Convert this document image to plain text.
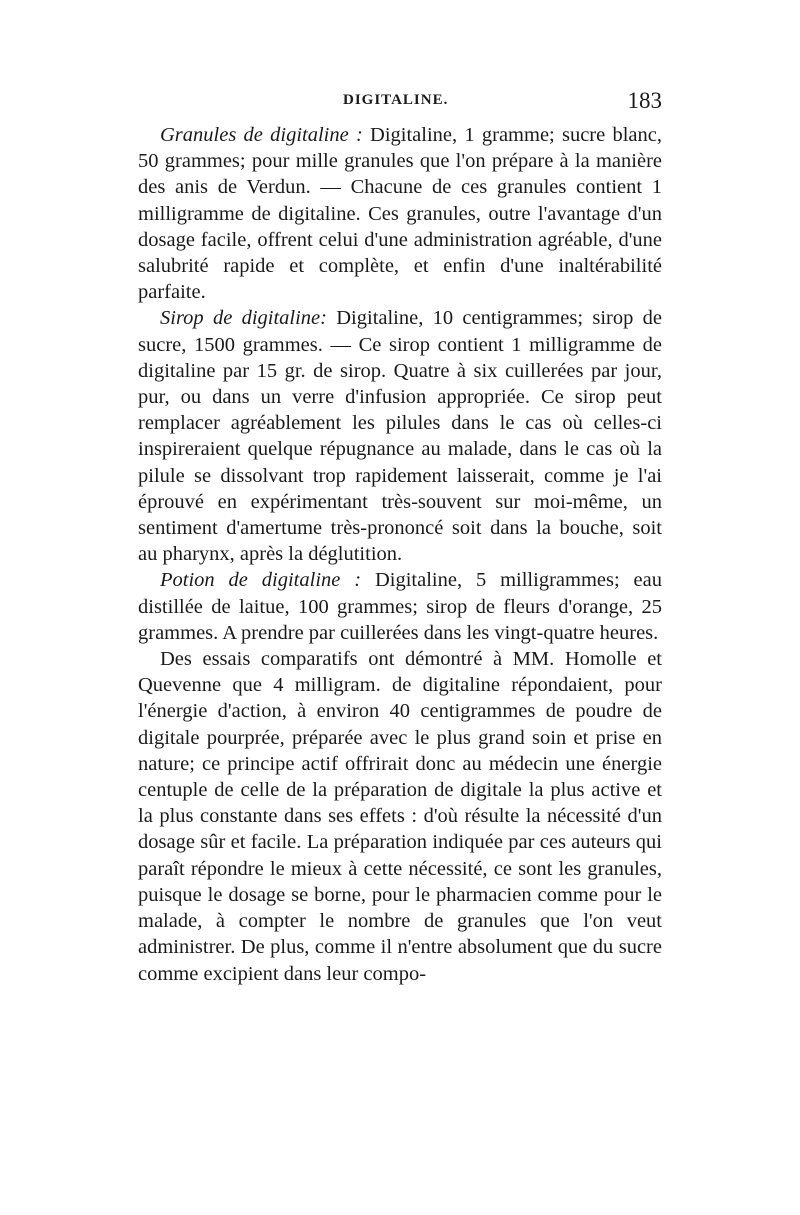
DIGITALINE.	183

Granules de digitaline : Digitaline, 1 gramme; sucre blanc, 50 grammes; pour mille granules que l'on prépare à la manière des anis de Verdun. — Chacune de ces granules contient 1 milligramme de digitaline. Ces granules, outre l'avantage d'un dosage facile, offrent celui d'une administration agréable, d'une salubrité rapide et complète, et enfin d'une inaltérabilité parfaite.

Sirop de digitaline: Digitaline, 10 centigrammes; sirop de sucre, 1500 grammes. — Ce sirop contient 1 milligramme de digitaline par 15 gr. de sirop. Quatre à six cuillerées par jour, pur, ou dans un verre d'infusion appropriée. Ce sirop peut remplacer agréablement les pilules dans le cas où celles-ci inspireraient quelque répugnance au malade, dans le cas où la pilule se dissolvant trop rapidement laisserait, comme je l'ai éprouvé en expérimentant très-souvent sur moi-même, un sentiment d'amertume très-prononcé soit dans la bouche, soit au pharynx, après la déglutition.

Potion de digitaline : Digitaline, 5 milligrammes; eau distillée de laitue, 100 grammes; sirop de fleurs d'orange, 25 grammes. A prendre par cuillerées dans les vingt-quatre heures.

Des essais comparatifs ont démontré à MM. Homolle et Quevenne que 4 milligram. de digitaline répondaient, pour l'énergie d'action, à environ 40 centigrammes de poudre de digitale pourprée, préparée avec le plus grand soin et prise en nature; ce principe actif offrirait donc au médecin une énergie centuple de celle de la préparation de digitale la plus active et la plus constante dans ses effets : d'où résulte la nécessité d'un dosage sûr et facile. La préparation indiquée par ces auteurs qui paraît répondre le mieux à cette nécessité, ce sont les granules, puisque le dosage se borne, pour le pharmacien comme pour le malade, à compter le nombre de granules que l'on veut administrer. De plus, comme il n'entre absolument que du sucre comme excipient dans leur compo-
